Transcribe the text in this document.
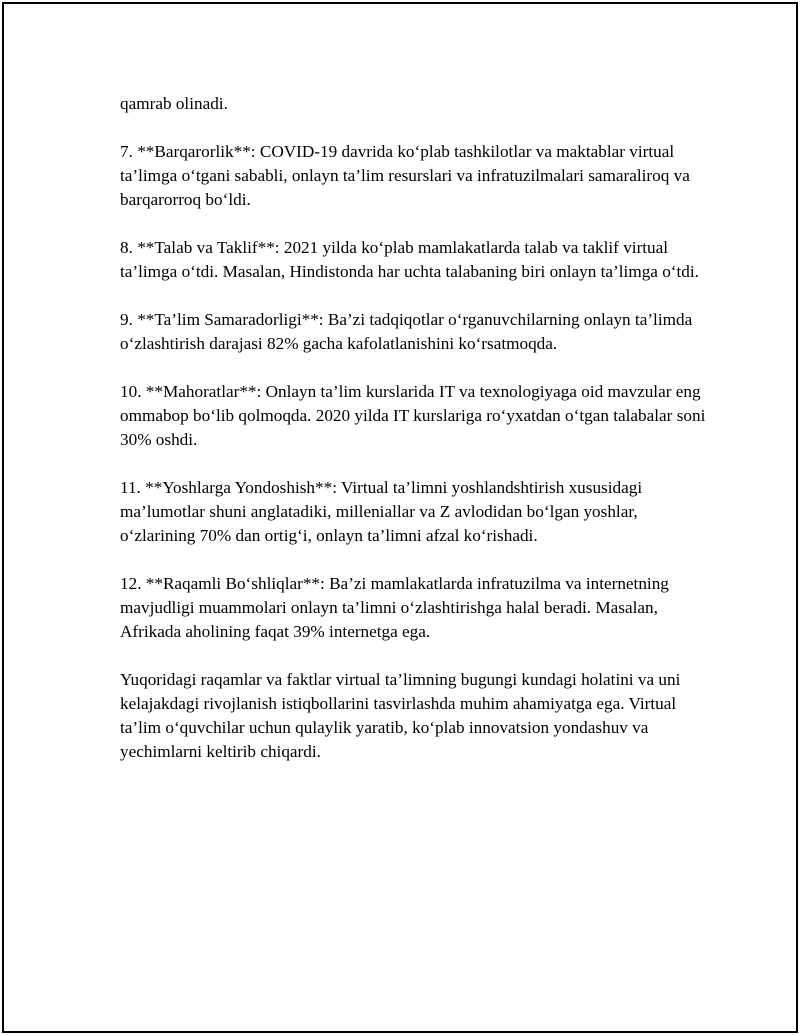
qamrab olinadi.

7. **Barqarorlik**: COVID-19 davrida ko‘plab tashkilotlar va maktablar virtual ta’limga o‘tgani sababli, onlayn ta’lim resurslari va infratuzilmalari samaraliroq va barqarorroq bo‘ldi.

8. **Talab va Taklif**: 2021 yilda ko‘plab mamlakatlarda talab va taklif virtual ta’limga o‘tdi. Masalan, Hindistonda har uchta talabaning biri onlayn ta’limga o‘tdi.

9. **Ta’lim Samaradorligi**: Ba’zi tadqiqotlar o‘rganuvchilarning onlayn ta’limda o‘zlashtirish darajasi 82% gacha kafolatlanishini ko‘rsatmoqda.

10. **Mahoratlar**: Onlayn ta’lim kurslarida IT va texnologiyaga oid mavzular eng ommabop bo‘lib qolmoqda. 2020 yilda IT kurslariga ro‘yxatdan o‘tgan talabalar soni 30% oshdi.

11. **Yoshlarga Yondoshish**: Virtual ta’limni yoshlandshtirish xususidagi ma’lumotlar shuni anglatadiki, milleniallar va Z avlodidan bo‘lgan yoshlar, o‘zlarining 70% dan ortig‘i, onlayn ta’limni afzal ko‘rishadi.

12. **Raqamli Bo‘shliqlar**: Ba’zi mamlakatlarda infratuzilma va internetning mavjudligi muammolari onlayn ta’limni o‘zlashtirishga halal beradi. Masalan, Afrikada aholining faqat 39% internetga ega.

Yuqoridagi raqamlar va faktlar virtual ta’limning bugungi kundagi holatini va uni kelajakdagi rivojlanish istiqbollarini tasvirlashda muhim ahamiyatga ega. Virtual ta’lim o‘quvchilar uchun qulaylik yaratib, ko‘plab innovatsion yondashuv va yechimlarni keltirib chiqardi.
